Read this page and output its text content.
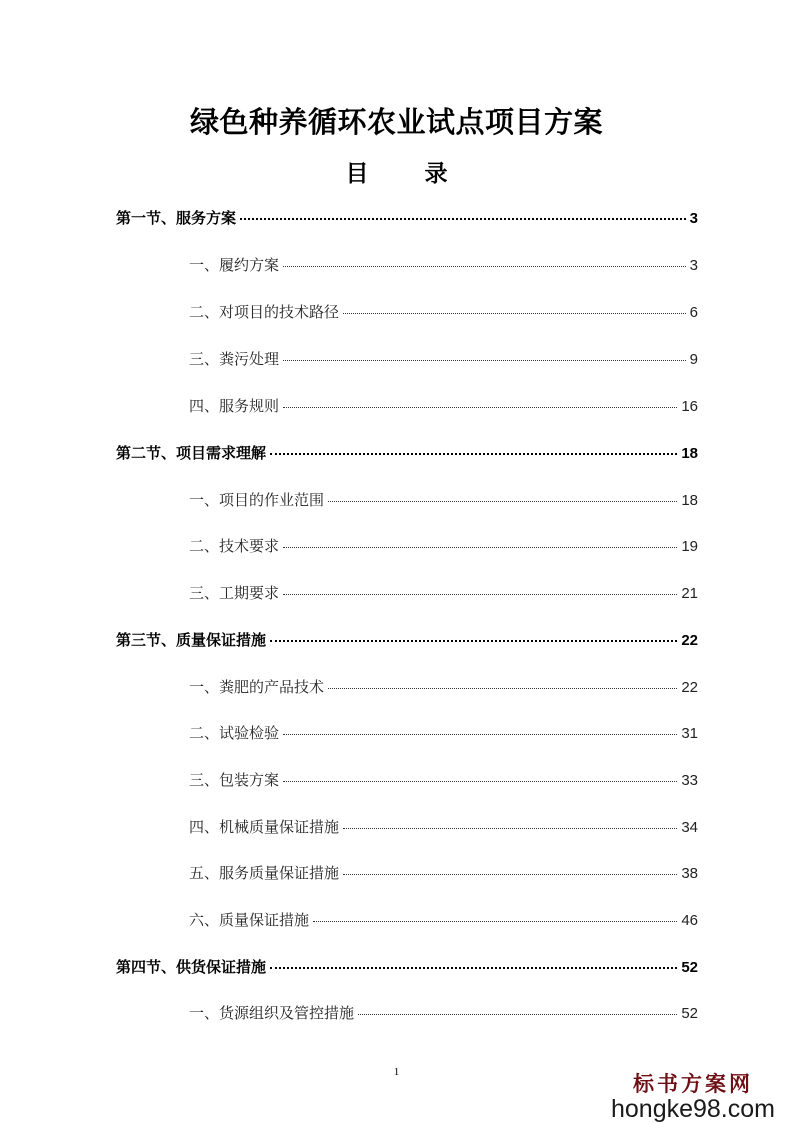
绿色种养循环农业试点项目方案
目 录
第一节、服务方案	3
一、履约方案	3
二、对项目的技术路径	6
三、粪污处理	9
四、服务规则	16
第二节、项目需求理解	18
一、项目的作业范围	18
二、技术要求	19
三、工期要求	21
第三节、质量保证措施	22
一、粪肥的产品技术	22
二、试验检验	31
三、包装方案	33
四、机械质量保证措施	34
五、服务质量保证措施	38
六、质量保证措施	46
第四节、供货保证措施	52
一、货源组织及管控措施	52
1	标书方案网
hongke98.com
